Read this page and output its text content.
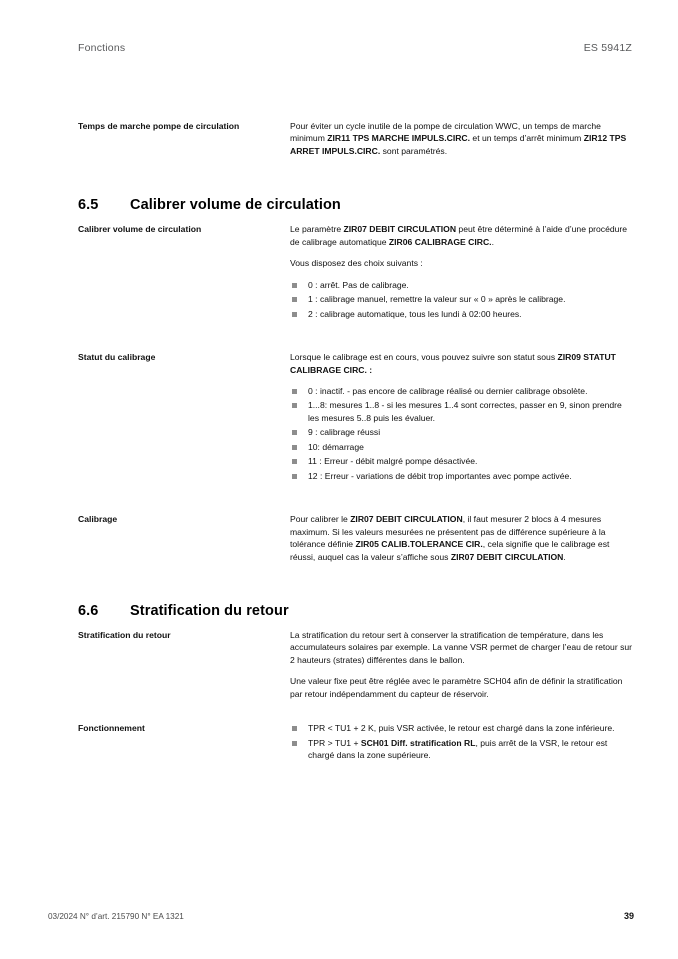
Fonctions	ES 5941Z
Temps de marche pompe de circulation	Pour éviter un cycle inutile de la pompe de circulation WWC, un temps de marche minimum ZIR11 TPS MARCHE IMPULS.CIRC. et un temps d’arrêt minimum ZIR12 TPS ARRET IMPULS.CIRC. sont paramétrés.

6.5	Calibrer volume de circulation
Calibrer volume de circulation	Le paramètre ZIR07 DEBIT CIRCULATION peut être déterminé à l’aide d’une procédure de calibrage automatique ZIR06 CALIBRAGE CIRC..

Vous disposez des choix suivants :

0 : arrêt. Pas de calibrage.
1 : calibrage manuel, remettre la valeur sur « 0 » après le calibrage.
2 : calibrage automatique, tous les lundi à 02:00 heures.
Statut du calibrage	Lorsque le calibrage est en cours, vous pouvez suivre son statut sous ZIR09 STATUT CALIBRAGE CIRC. :

0 : inactif. - pas encore de calibrage réalisé ou dernier calibrage obsolète.
1...8: mesures 1..8 - si les mesures 1..4 sont correctes, passer en 9, sinon prendre les mesures 5..8 puis les évaluer.
9 : calibrage réussi
10: démarrage
11 : Erreur - débit malgré pompe désactivée.
12 : Erreur - variations de débit trop importantes avec pompe activée.
Calibrage	Pour calibrer le ZIR07 DEBIT CIRCULATION, il faut mesurer 2 blocs à 4 mesures maximum. Si les valeurs mesurées ne présentent pas de différence supérieure à la tolérance définie ZIR05 CALIB.TOLERANCE CIR., cela signifie que le calibrage est réussi, auquel cas la valeur s’affiche sous ZIR07 DEBIT CIRCULATION.

6.6	Stratification du retour
Stratification du retour	La stratification du retour sert à conserver la stratification de température, dans les accumulateurs solaires par exemple. La vanne VSR permet de charger l’eau de retour sur 2 hauteurs (strates) différentes dans le ballon.

Une valeur fixe peut être réglée avec le paramètre SCH04 afin de définir la stratification par retour indépendamment du capteur de réservoir.

Fonctionnement	TPR < TU1 + 2 K, puis VSR activée, le retour est chargé dans la zone inférieure.
TPR > TU1 + SCH01 Diff. stratification RL, puis arrêt de la VSR, le retour est chargé dans la zone supérieure.
03/2024 N° d’art. 215790 N° EA 1321	39
